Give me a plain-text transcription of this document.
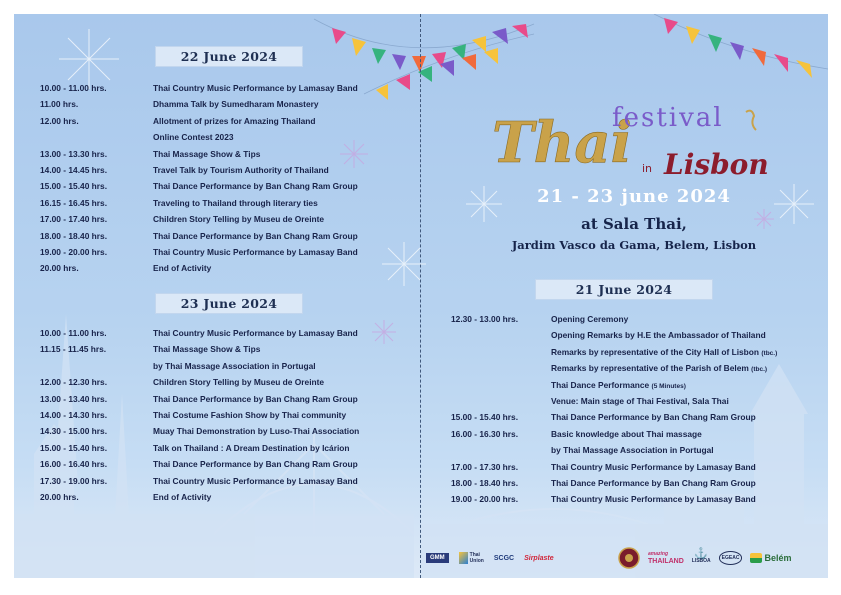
22 June 2024
10.00 - 11.00 hrs.	Thai Country Music Performance by Lamasay Band
11.00 hrs.	Dhamma Talk by Sumedharam Monastery
12.00 hrs.	Allotment of prizes for Amazing Thailand
Online Contest 2023
13.00 - 13.30 hrs.	Thai Massage Show & Tips
14.00 - 14.45 hrs.	Travel Talk by Tourism Authority of Thailand
15.00 - 15.40 hrs.	Thai Dance Performance by Ban Chang Ram Group
16.15 - 16.45 hrs.	Traveling to Thailand through literary ties
17.00 - 17.40 hrs.	Children Story Telling by Museu de Oreinte
18.00 - 18.40 hrs.	Thai Dance Performance by Ban Chang Ram Group
19.00 - 20.00 hrs.	Thai Country Music Performance by Lamasay Band
20.00 hrs.	End of Activity
23 June 2024
10.00 - 11.00 hrs.	Thai Country Music Performance by Lamasay Band
11.15 - 11.45 hrs.	Thai Massage Show & Tips
by Thai Massage Association in Portugal
12.00 - 12.30 hrs.	Children Story Telling by Museu de Oreinte
13.00 - 13.40 hrs.	Thai Dance Performance by Ban Chang Ram Group
14.00 - 14.30 hrs.	Thai Costume Fashion Show by Thai community
14.30 - 15.00 hrs.	Muay Thai Demonstration by Luso-Thai Association
15.00 - 15.40 hrs.	Talk on Thailand : A Dream Destination by Icárion
16.00 - 16.40 hrs.	Thai Dance Performance by Ban Chang Ram Group
17.30 - 19.00 hrs.	Thai Country Music Performance by Lamasay Band
20.00 hrs.	End of Activity
Thai
festival
in Lisbon
21 - 23 june 2024
at Sala Thai,
Jardim Vasco da Gama, Belem, Lisbon
21 June 2024
12.30 - 13.00 hrs.	Opening Ceremony
Opening Remarks by H.E the Ambassador of Thailand
Remarks by representative of the City Hall of Lisbon (tbc.)
Remarks by representative of the Parish of Belem (tbc.)
Thai Dance Performance (5 Minutes)
Venue: Main stage of Thai Festival, Sala Thai
15.00 - 15.40 hrs.	Thai Dance Performance by Ban Chang Ram Group
16.00 - 16.30 hrs.	Basic knowledge about Thai massage
by Thai Massage Association in Portugal
17.00 - 17.30 hrs.	Thai Country Music Performance by Lamasay Band
18.00 - 18.40 hrs.	Thai Dance Performance by Ban Chang Ram Group
19.00 - 20.00 hrs.	Thai Country Music Performance by Lamasay Band
GMM	Thai
Union SCGC Sirplaste
amazing
THAILAND
⚓
LISBOA	EGEAC	Belém
